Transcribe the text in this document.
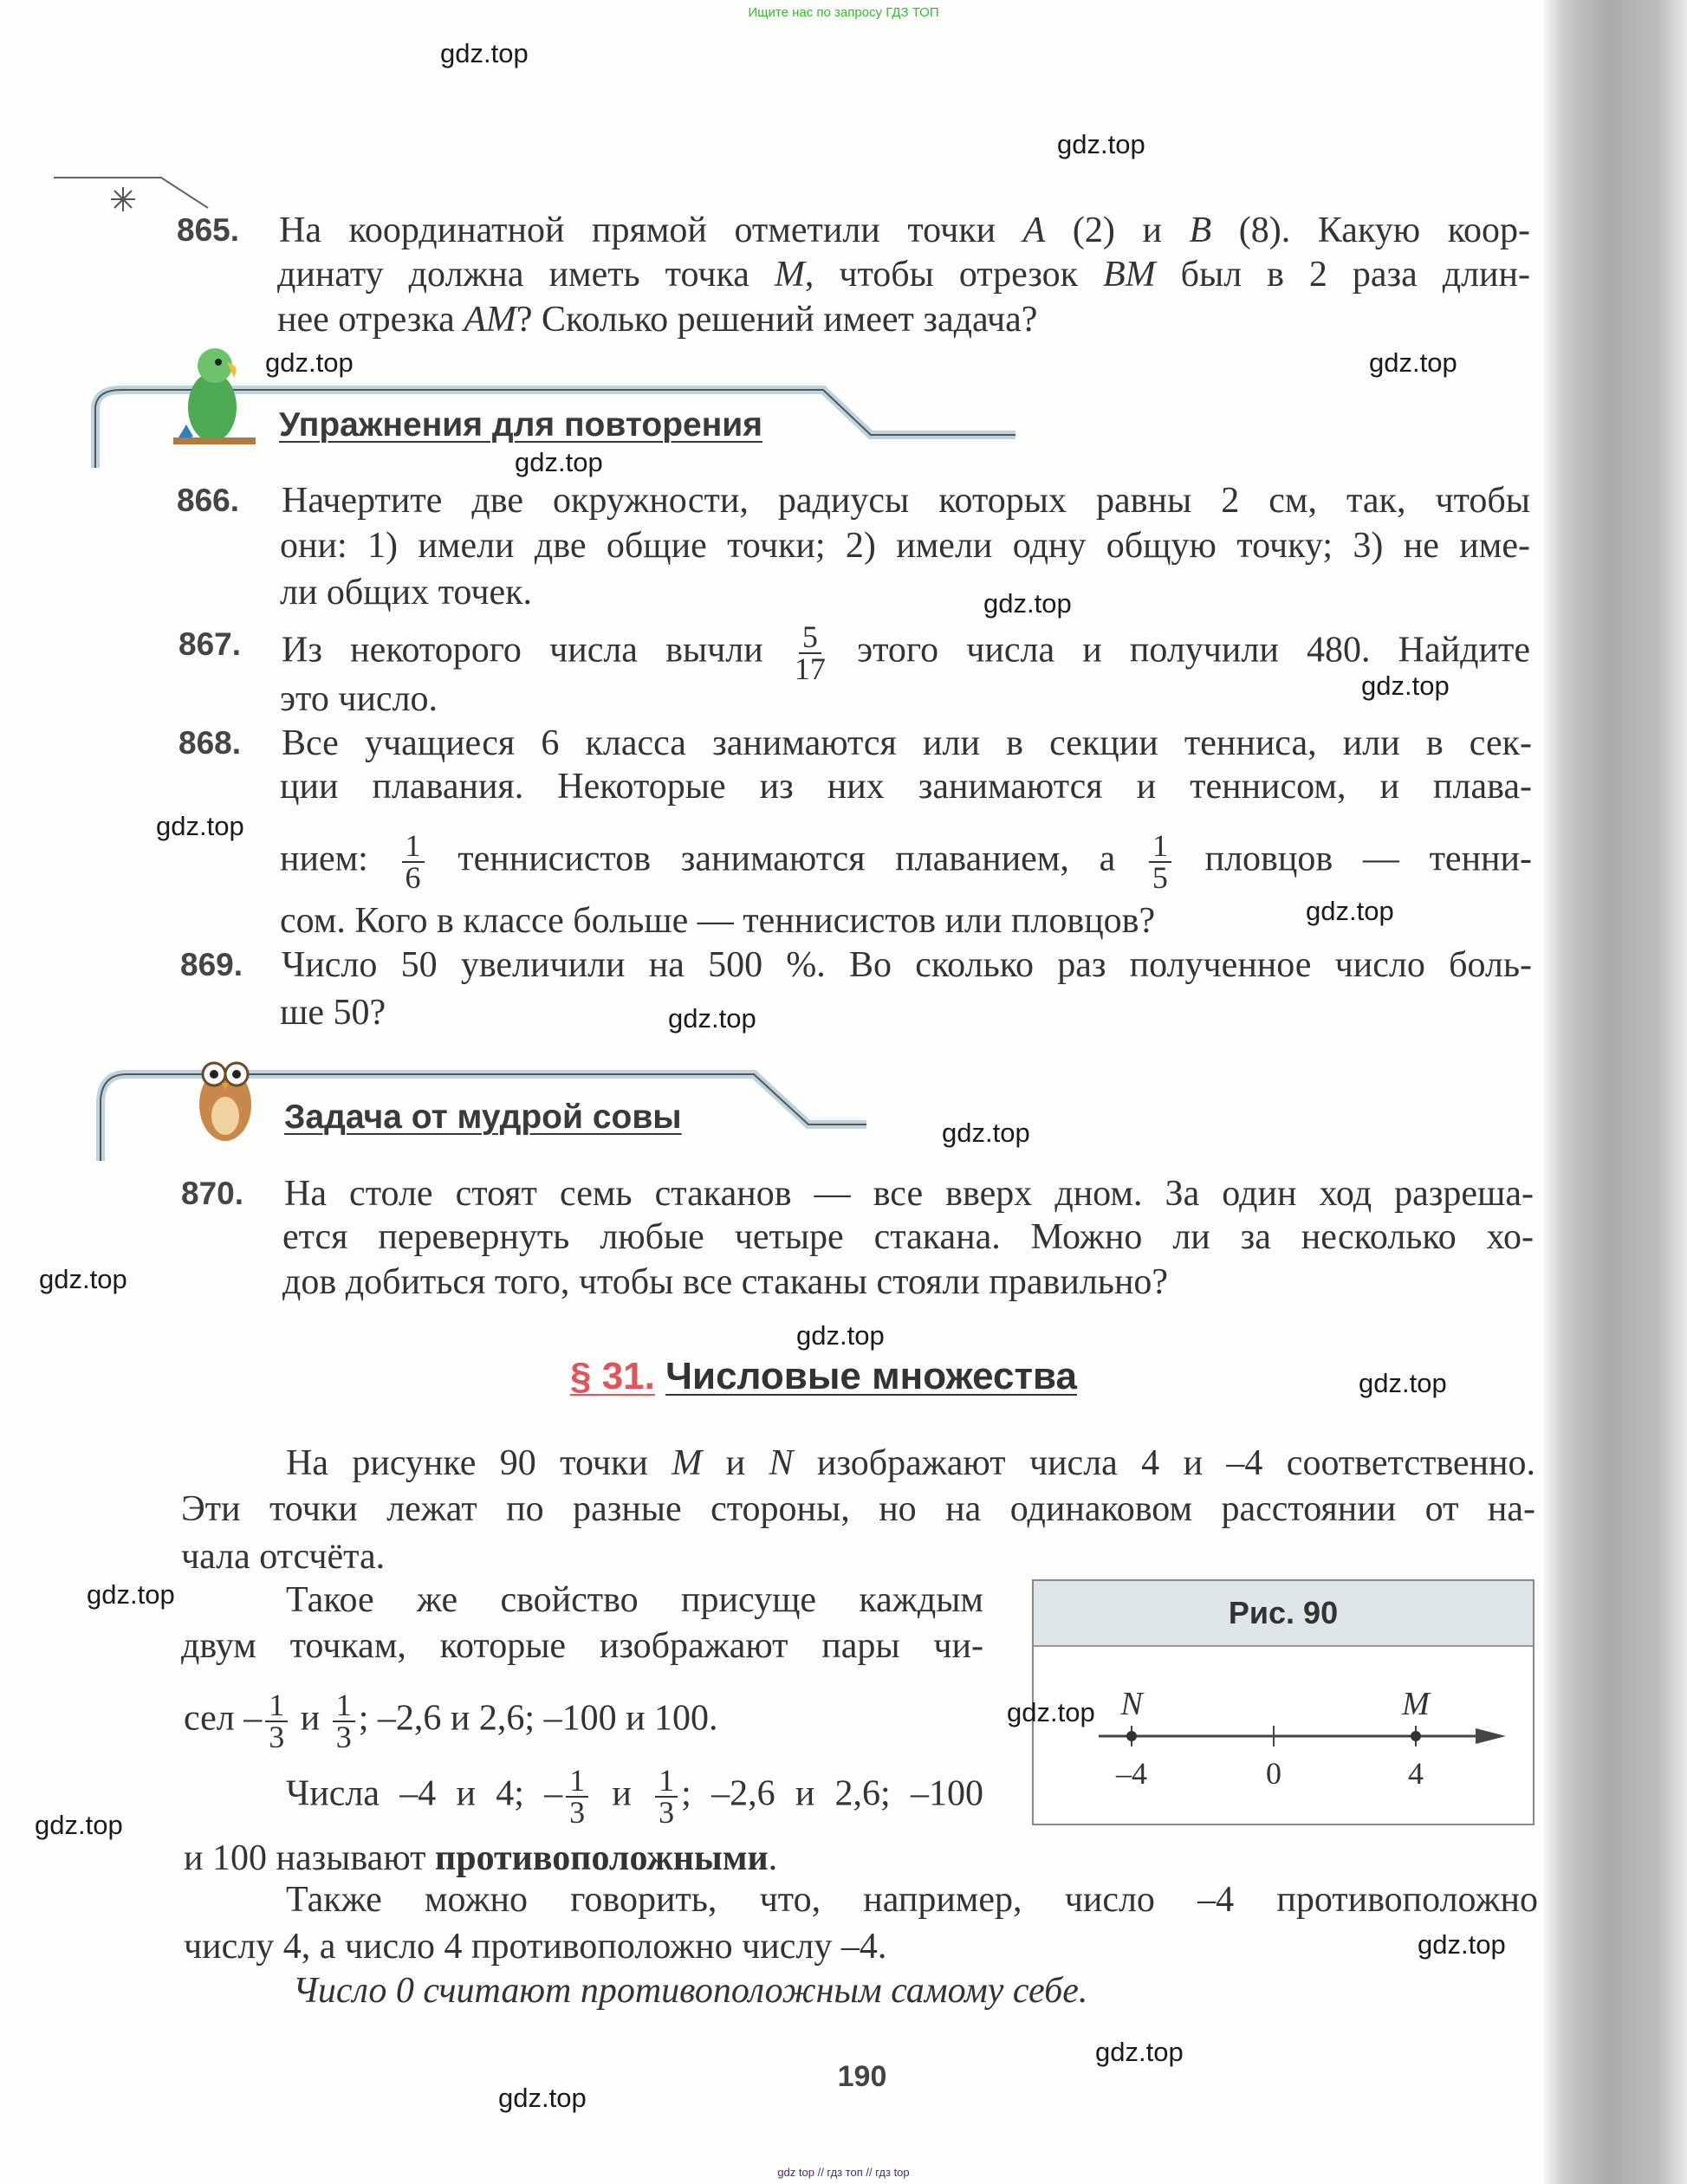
Ищите нас по запросу ГДЗ ТОП
Упражнения для повторения
Задача от мудрой совы
§ 31. Числовые множества
Рис. 90
–4
N
0	4
M
190
gdz top // гдз топ // гдз top
865. На координатной прямой отметили точки A (2) и B (8). Какую коор-
динату должна иметь точка M, чтобы отрезок BM был в 2 раза длин-
нее отрезка AM? Сколько решений имеет задача?
866. Начертите две окружности, радиусы которых равны 2 см, так, чтобы
они: 1) имели две общие точки; 2) имели одну общую точку; 3) не име-
ли общих точек.
867. Из некоторого числа вычли $\frac{5}{17}$ этого числа и получили 480. Найдите
это число.
868. Все учащиеся 6 класса занимаются или в секции тенниса, или в сек-
ции плавания. Некоторые из них занимаются и теннисом, и плава-
нием: $\frac{1}{6}$ теннисистов занимаются плаванием, а $\frac{1}{5}$ пловцов — тенни-
сом. Кого в классе больше — теннисистов или пловцов?
869. Число 50 увеличили на 500 %. Во сколько раз полученное число боль-
ше 50?
870. На столе стоят семь стаканов — все вверх дном. За один ход разреша-
ется перевернуть любые четыре стакана. Можно ли за несколько хо-
дов добиться того, чтобы все стаканы стояли правильно?
На рисунке 90 точки M и N изображают числа 4 и –4 соответственно.
Эти точки лежат по разные стороны, но на одинаковом расстоянии от на-
чала отсчёта.
Такое же свойство присуще каждым
двум точкам, которые изображают пары чи-
сел – $\frac{1}{3}$ и $\frac{1}{3}$ ; –2,6 и 2,6; –100 и 100.
Числа –4 и 4; – $\frac{1}{3}$ и $\frac{1}{3}$ ; –2,6 и 2,6; –100
и 100 называют противоположными.
Также можно говорить, что, например, число –4 противоположно
числу 4, а число 4 противоположно числу –4.
Число 0 считают противоположным самому себе.
gdz.top
gdz.top
gdz.top
gdz.top
gdz.top
gdz.top
gdz.top
gdz.top
gdz.top
gdz.top
gdz.top
gdz.top
gdz.top
gdz.top
gdz.top
gdz.top
gdz.top
gdz.top
gdz.top
gdz.top
